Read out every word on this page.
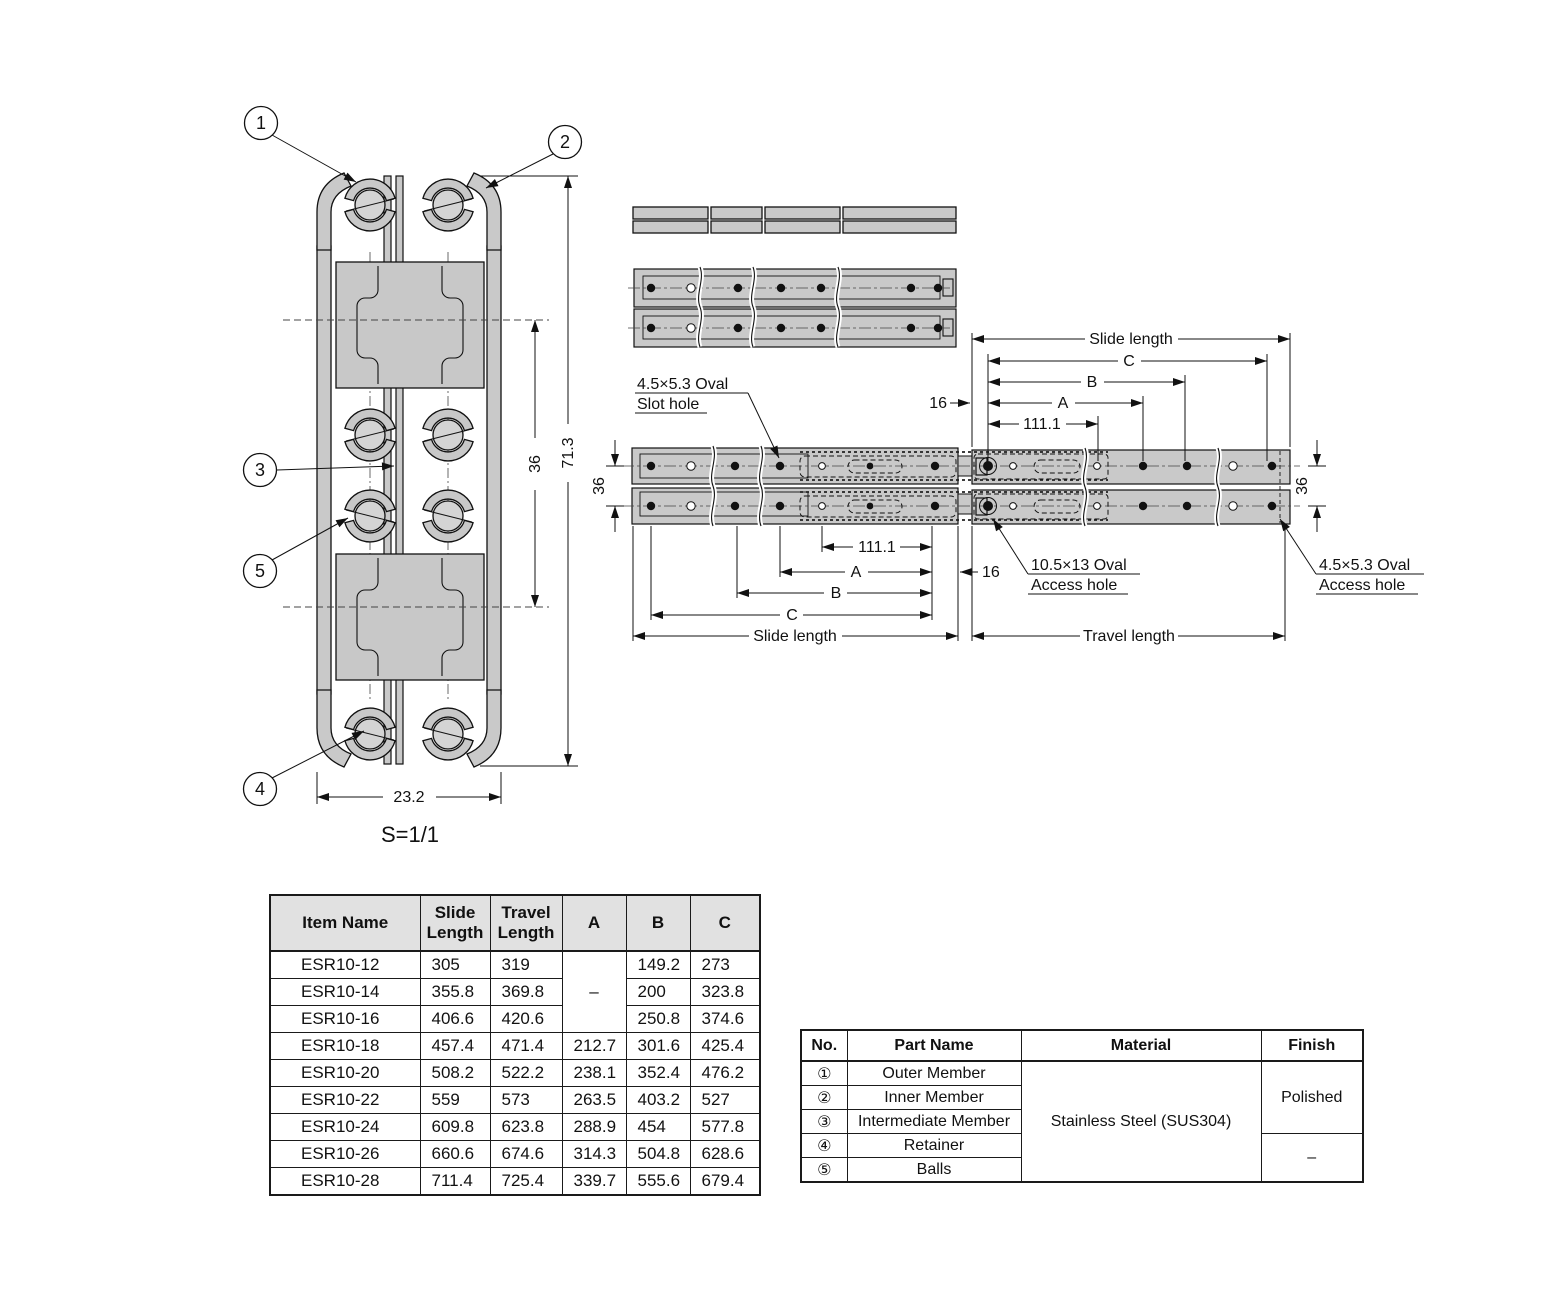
36 71.3
23.2
S=1/1
1
2
3
5
4
Slide length
C
B
A
111.1
16
111.1
A
B
C
Slide length	Travel length
16
36	36
4.5×5.3 Oval
Slot hole
10.5×13 Oval
Access hole
4.5×5.3 Oval
Access hole
Item Name	Slide Length	Travel Length	A	B	C
ESR10-12	305	319	–	149.2	273
ESR10-14	355.8	369.8		200	323.8
ESR10-16	406.6	420.6		250.8	374.6
ESR10-18	457.4	471.4	212.7	301.6	425.4
ESR10-20	508.2	522.2	238.1	352.4	476.2
ESR10-22	559	573	263.5	403.2	527
ESR10-24	609.8	623.8	288.9	454	577.8
ESR10-26	660.6	674.6	314.3	504.8	628.6
ESR10-28	711.4	725.4	339.7	555.6	679.4
No.	Part Name	Material	Finish
①	Outer Member	Stainless Steel (SUS304)	Polished
②	Inner Member		
③	Intermediate Member		
④	Retainer		–
⑤	Balls		
